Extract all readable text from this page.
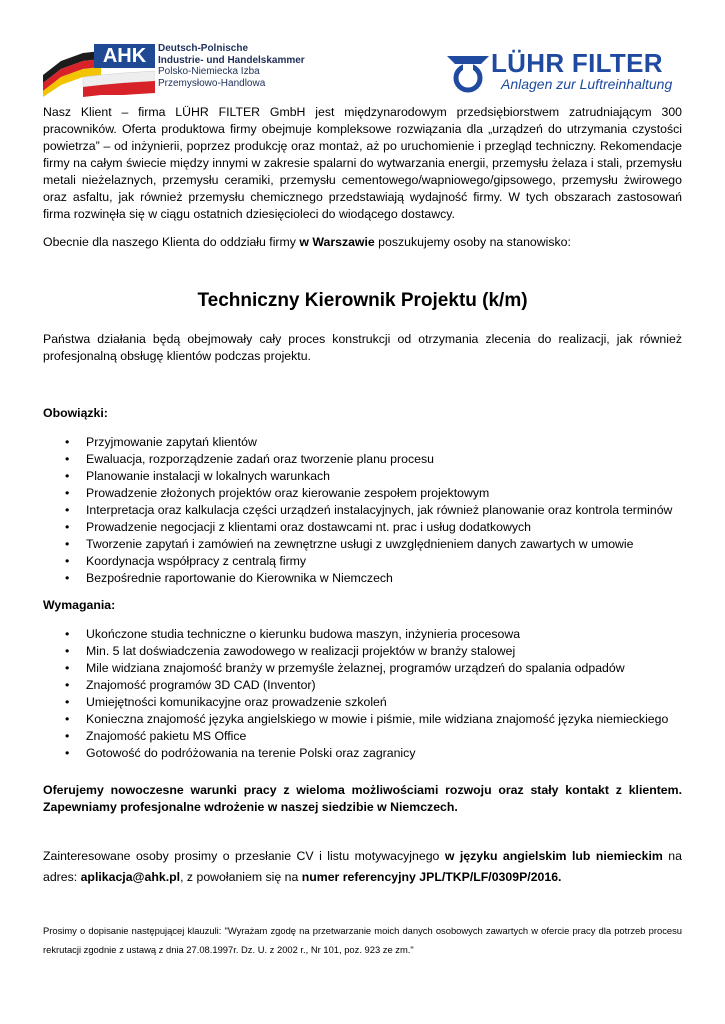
AHK	Deutsch-Polnische
Industrie- und Handelskammer
Polsko-Niemiecka Izba
Przemysłowo-Handlowa
LÜHR FILTER
Anlagen zur Luftreinhaltung

Nasz Klient – firma LÜHR FILTER GmbH jest międzynarodowym przedsiębiorstwem zatrudniającym 300 pracowników. Oferta produktowa firmy obejmuje kompleksowe rozwiązania dla „urządzeń do utrzymania czystości powietrza” – od inżynierii, poprzez produkcję oraz montaż, aż po uruchomienie i przegląd techniczny. Rekomendacje firmy na całym świecie między innymi w zakresie spalarni do wytwarzania energii, przemysłu żelaza i stali, przemysłu metali nieżelaznych, przemysłu ceramiki, przemysłu cementowego/wapniowego/gipsowego, przemysłu żwirowego oraz asfaltu, jak również przemysłu chemicznego przedstawiają wydajność firmy. W tych obszarach zastosowań firma rozwinęła się w ciągu ostatnich dziesięcioleci do wiodącego dostawcy.

Obecnie dla naszego Klienta do oddziału firmy w Warszawie poszukujemy osoby na stanowisko:

Techniczny Kierownik Projektu (k/m)

Państwa działania będą obejmowały cały proces konstrukcji od otrzymania zlecenia do realizacji, jak również profesjonalną obsługę klientów podczas projektu.

Obowiązki:

• Przyjmowanie zapytań klientów
• Ewaluacja, rozporządzenie zadań oraz tworzenie planu procesu
• Planowanie instalacji w lokalnych warunkach
• Prowadzenie złożonych projektów oraz kierowanie zespołem projektowym
• Interpretacja oraz kalkulacja części urządzeń instalacyjnych, jak również planowanie oraz kontrola terminów
• Prowadzenie negocjacji z klientami oraz dostawcami nt. prac i usług dodatkowych
• Tworzenie zapytań i zamówień na zewnętrzne usługi z uwzględnieniem danych zawartych w umowie
• Koordynacja współpracy z centralą firmy
• Bezpośrednie raportowanie do Kierownika w Niemczech

Wymagania:

• Ukończone studia techniczne o kierunku budowa maszyn, inżynieria procesowa
• Min. 5 lat doświadczenia zawodowego w realizacji projektów w branży stalowej
• Mile widziana znajomość branży w przemyśle żelaznej, programów urządzeń do spalania odpadów
• Znajomość programów 3D CAD (Inventor)
• Umiejętności komunikacyjne oraz prowadzenie szkoleń
• Konieczna znajomość języka angielskiego w mowie i piśmie, mile widziana znajomość języka niemieckiego
• Znajomość pakietu MS Office
• Gotowość do podróżowania na terenie Polski oraz zagranicy

Oferujemy nowoczesne warunki pracy z wieloma możliwościami rozwoju oraz stały kontakt z klientem. Zapewniamy profesjonalne wdrożenie w naszej siedzibie w Niemczech.

Zainteresowane osoby prosimy o przesłanie CV i listu motywacyjnego w języku angielskim lub niemieckim na adres: aplikacja@ahk.pl, z powołaniem się na numer referencyjny JPL/TKP/LF/0309P/2016.

Prosimy o dopisanie następującej klauzuli: "Wyrażam zgodę na przetwarzanie moich danych osobowych zawartych w ofercie pracy dla potrzeb procesu rekrutacji zgodnie z ustawą z dnia 27.08.1997r. Dz. U. z 2002 r., Nr 101, poz. 923 ze zm."
